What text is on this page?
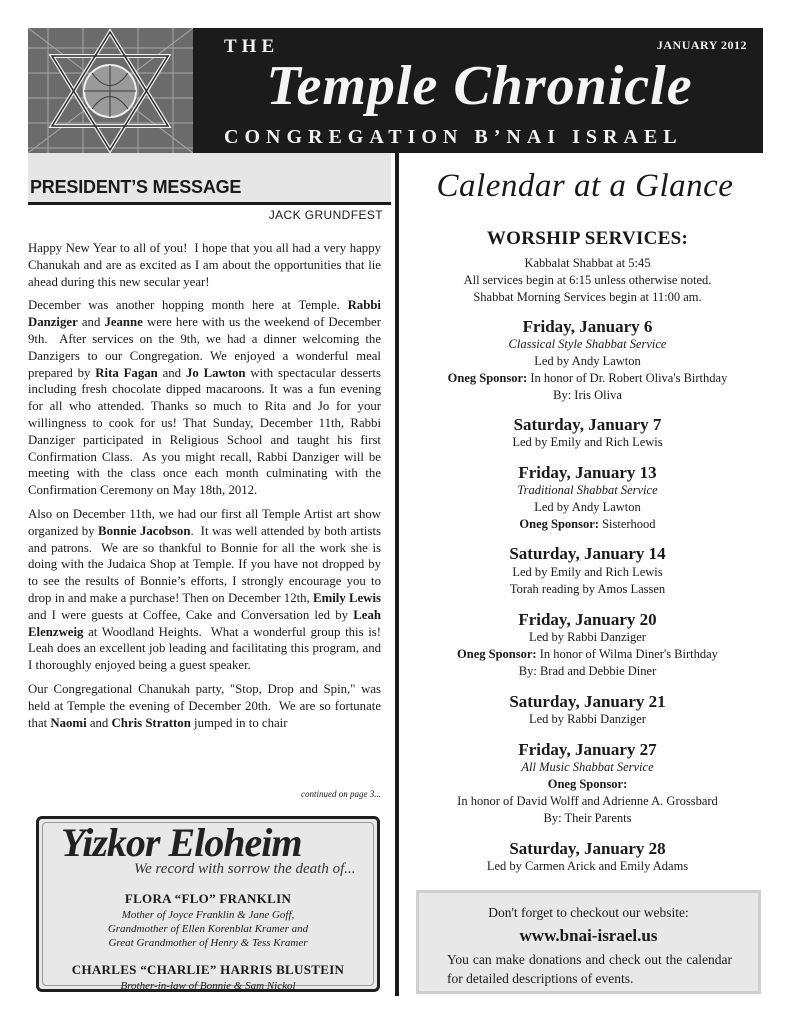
THE	JANUARY 2012
Temple Chronicle
CONGREGATION B’NAI ISRAEL
PRESIDENT’S MESSAGE
JACK GRUNDFEST

Happy New Year to all of you!  I hope that you all had a very happy Chanukah and are as excited as I am about the opportunities that lie ahead during this new secular year!

December was another hopping month here at Temple. Rabbi Danziger and Jeanne were here with us the weekend of December 9th.  After services on the 9th, we had a dinner welcoming the Danzigers to our Congregation. We enjoyed a wonderful meal prepared by Rita Fagan and Jo Lawton with spectacular desserts including fresh chocolate dipped macaroons. It was a fun evening for all who attended. Thanks so much to Rita and Jo for your willingness to cook for us! That Sunday, December 11th, Rabbi Danziger participated in Religious School and taught his first Confirmation Class.  As you might recall, Rabbi Danziger will be meeting with the class once each month culminating with the Confirmation Ceremony on May 18th, 2012.

Also on December 11th, we had our first all Temple Artist art show organized by Bonnie Jacobson.  It was well attended by both artists and patrons.  We are so thankful to Bonnie for all the work she is doing with the Judaica Shop at Temple. If you have not dropped by to see the results of Bonnie’s efforts, I strongly encourage you to drop in and make a purchase! Then on December 12th, Emily Lewis and I were guests at Coffee, Cake and Conversation led by Leah Elenzweig at Woodland Heights.  What a wonderful group this is! Leah does an excellent job leading and facilitating this program, and I thoroughly enjoyed being a guest speaker.

Our Congregational Chanukah party, "Stop, Drop and Spin," was held at Temple the evening of December 20th.  We are so fortunate that Naomi and Chris Stratton jumped in to chair

continued on page 3...
Yizkor Eloheim
We record with sorrow the death of...
FLORA “FLO” FRANKLIN
Mother of Joyce Franklin & Jane Goff,
Grandmother of Ellen Korenblat Kramer and
Great Grandmother of Henry & Tess Kramer
CHARLES “CHARLIE” HARRIS BLUSTEIN
Brother-in-law of Bonnie & Sam Nickol
Calendar at a Glance
WORSHIP SERVICES:
Kabbalat Shabbat at 5:45
All services begin at 6:15 unless otherwise noted.
Shabbat Morning Services begin at 11:00 am.
Friday, January 6
Classical Style Shabbat Service
Led by Andy Lawton
Oneg Sponsor: In honor of Dr. Robert Oliva's Birthday
By: Iris Oliva
Saturday, January 7
Led by Emily and Rich Lewis
Friday, January 13
Traditional Shabbat Service
Led by Andy Lawton
Oneg Sponsor: Sisterhood
Saturday, January 14
Led by Emily and Rich Lewis
Torah reading by Amos Lassen
Friday, January 20
Led by Rabbi Danziger
Oneg Sponsor: In honor of Wilma Diner's Birthday
By: Brad and Debbie Diner
Saturday, January 21
Led by Rabbi Danziger
Friday, January 27
All Music Shabbat Service
Oneg Sponsor:
In honor of David Wolff and Adrienne A. Grossbard
By: Their Parents
Saturday, January 28
Led by Carmen Arick and Emily Adams
Don't forget to checkout our website:
www.bnai-israel.us
You can make donations and check out the calendar for detailed descriptions of events.
